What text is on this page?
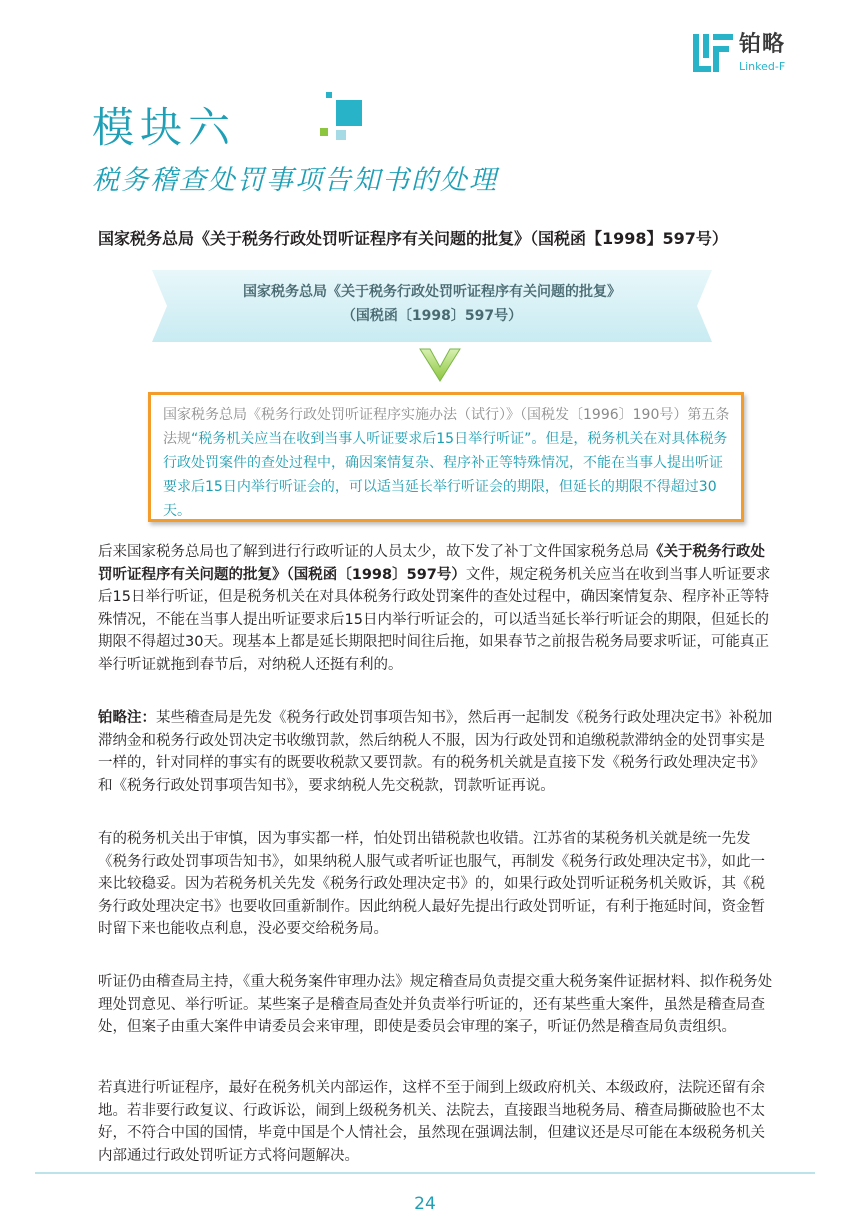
铂略
Linked-F
模块六
税务稽查处罚事项告知书的处理
国家税务总局《关于税务行政处罚听证程序有关问题的批复》（国税函【1998】597号）
国家税务总局《关于税务行政处罚听证程序有关问题的批复》
（国税函〔1998〕597号）
国家税务总局《税务行政处罚听证程序实施办法（试行）》（国税发〔1996〕190号）第五条法规“税务机关应当在收到当事人听证要求后15日举行听证”。但是，税务机关在对具体税务行政处罚案件的查处过程中，确因案情复杂、程序补正等特殊情况，不能在当事人提出听证要求后15日内举行听证会的，可以适当延长举行听证会的期限，但延长的期限不得超过30天。
后来国家税务总局也了解到进行行政听证的人员太少，故下发了补丁文件国家税务总局《关于税务行政处罚听证程序有关问题的批复》（国税函〔1998〕597号）文件，规定税务机关应当在收到当事人听证要求后15日举行听证，但是税务机关在对具体税务行政处罚案件的查处过程中，确因案情复杂、程序补正等特殊情况，不能在当事人提出听证要求后15日内举行听证会的，可以适当延长举行听证会的期限，但延长的期限不得超过30天。现基本上都是延长期限把时间往后拖，如果春节之前报告税务局要求听证，可能真正举行听证就拖到春节后，对纳税人还挺有利的。
铂略注：某些稽查局是先发《税务行政处罚事项告知书》，然后再一起制发《税务行政处理决定书》补税加滞纳金和税务行政处罚决定书收缴罚款，然后纳税人不服，因为行政处罚和追缴税款滞纳金的处罚事实是一样的，针对同样的事实有的既要收税款又要罚款。有的税务机关就是直接下发《税务行政处理决定书》和《税务行政处罚事项告知书》，要求纳税人先交税款，罚款听证再说。
有的税务机关出于审慎，因为事实都一样，怕处罚出错税款也收错。江苏省的某税务机关就是统一先发《税务行政处罚事项告知书》，如果纳税人服气或者听证也服气，再制发《税务行政处理决定书》，如此一来比较稳妥。因为若税务机关先发《税务行政处理决定书》的，如果行政处罚听证税务机关败诉，其《税务行政处理决定书》也要收回重新制作。因此纳税人最好先提出行政处罚听证，有利于拖延时间，资金暂时留下来也能收点利息，没必要交给税务局。
听证仍由稽查局主持，《重大税务案件审理办法》规定稽查局负责提交重大税务案件证据材料、拟作税务处理处罚意见、举行听证。某些案子是稽查局查处并负责举行听证的，还有某些重大案件，虽然是稽查局查处，但案子由重大案件申请委员会来审理，即使是委员会审理的案子，听证仍然是稽查局负责组织。
若真进行听证程序，最好在税务机关内部运作，这样不至于闹到上级政府机关、本级政府，法院还留有余地。若非要行政复议、行政诉讼，闹到上级税务机关、法院去，直接跟当地税务局、稽查局撕破脸也不太好，不符合中国的国情，毕竟中国是个人情社会，虽然现在强调法制，但建议还是尽可能在本级税务机关内部通过行政处罚听证方式将问题解决。
24
